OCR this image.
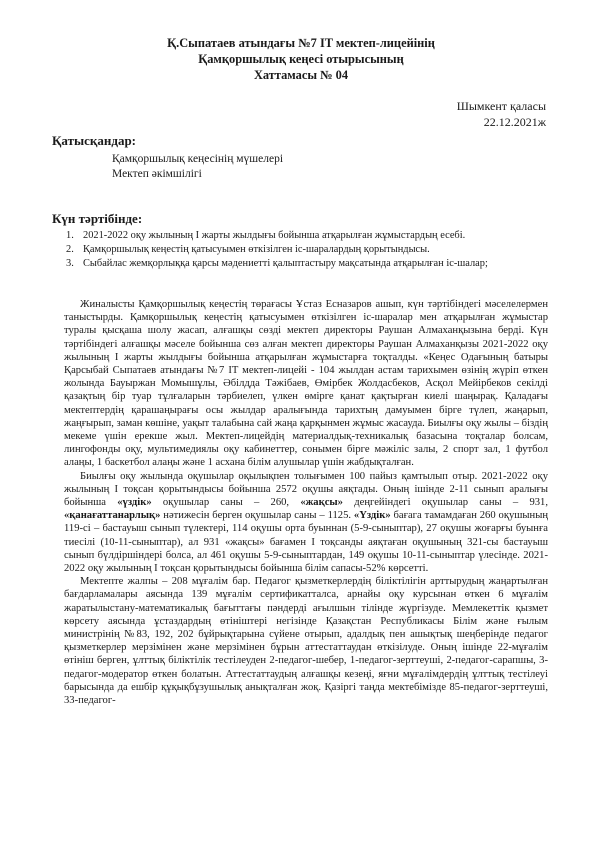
Қ.Сыпатаев атындағы №7 IT мектеп-лицейінің
Қамқоршылық кеңесі отырысының
Хаттамасы № 04
Шымкент қаласы
22.12.2021ж
Қатысқандар:
Қамқоршылық кеңесінің мүшелері
Мектеп әкімшілігі
Күн тәртібінде:
1. 2021-2022 оқу жылының I жарты жылдығы бойынша атқарылған жұмыстардың есебі.
2. Қамқоршылық кеңестің қатысуымен өткізілген іс-шаралардың қорытындысы.
3. Сыбайлас жемқорлыққа қарсы мәдениетті қалыптастыру мақсатында атқарылған іс-шалар;

Жиналысты Қамқоршылық кеңестің төрағасы Ұстаз Есназаров ашып, күн тәртібіндегі мәселелермен таныстырды. Қамқоршылық кеңестің қатысуымен өткізілген іс-шаралар мен атқарылған жұмыстар туралы қысқаша шолу жасап, алғашқы сөзді мектеп директоры Раушан Алмаханқызына берді. Күн тәртібіндегі алғашқы мәселе бойынша сөз алған мектеп директоры Раушан Алмаханқызы 2021-2022 оқу жылының I жарты жылдығы бойынша атқарылған жұмыстарға тоқталды. «Кеңес Одағының батыры Қарсыбай Сыпатаев атындағы №7 IT мектеп-лицейі - 104 жылдан астам тарихымен өзінің жүріп өткен жолында Бауыржан Момышұлы, Әбілдда Тәжібаев, Өмірбек Жолдасбеков, Асқол Мейірбеков секілді қазақтың бір туар тұлғаларын тәрбиелеп, үлкен өмірге қанат қақтырған киелі шаңырақ. Қаладағы мектептердің қарашаңырағы осы жылдар аралығында тарихтың дамуымен бірге түлеп, жаңарып, жаңғырып, заман көшіне, уақыт талабына сай жаңа қарқынмен жұмыс жасауда. Биылғы оқу жылы – біздің мекеме үшін ерекше жыл. Мектеп-лицейдің материалдық-техникалық базасына тоқталар болсам, лингофонды оқу, мультимедиялы оқу кабинеттер, сонымен бірге мәжіліс залы, 2 спорт зал, 1 футбол алаңы, 1 баскетбол алаңы және 1 асхана білім алушылар үшін жабдықталған.

Биылғы оқу жылында оқушылар оқылықпен толығымен 100 пайыз қамтылып отыр. 2021-2022 оқу жылының I тоқсан қорытындысы бойынша 2572 оқушы аяқтады. Оның ішінде 2-11 сынып аралығы бойынша «үздік» оқушылар саны – 260, «жақсы» деңгейіндегі оқушылар саны – 931, «қанағаттанарлық» нәтижесін берген оқушылар саны – 1125. «Үздік» бағага тамамдаған 260 оқушының 119-сі – бастауыш сынып түлектері, 114 оқушы орта буыннан (5-9-сыныптар), 27 оқушы жоғарғы буынға тиесілі (10-11-сыныптар), ал 931 «жақсы» бағамен I тоқсанды аяқтаған оқушының 321-сы бастауыш сынып бүлдіршіндері болса, ал 461 оқушы 5-9-сыныптардан, 149 оқушы 10-11-сыныптар үлесінде. 2021-2022 оқу жылының I тоқсан қорытындысы бойынша білім сапасы-52% көрсетті.

Мектепте жалпы – 208 мұғалім бар. Педагог қызметкерлердің біліктілігін арттырудың жаңартылған бағдарламалары аясында 139 мұғалім сертификатталса, арнайы оқу курсынан өткен 6 мұғалім жаратылыстану-математикалық бағыттағы пәндерді ағылшын тілінде жүргізуде. Мемлекеттік қызмет көрсету аясында ұстаздардың өтініштері негізінде Қазақстан Республикасы Білім және ғылым министрінің №83, 192, 202 бұйрықтарына сүйене отырып, адалдық пен ашықтық шеңберінде педагог қызметкерлер мерзімінен және мерзімінен бұрын аттестаттаудан өткізілуде. Оның ішінде 22-мұғалім өтініш берген, ұлттық біліктілік тестілеуден 2-педагог-шебер, 1-педагог-зерттеуші, 2-педагог-сарапшы, 3-педагог-модератор өткен болатын. Аттестаттаудың алғашқы кезеңі, яғни мұғалімдердің ұлттық тестілеуі барысында да ешбір құқықбұзушылық анықталған жоқ. Қазіргі таңда мектебімізде 85-педагог-зерттеуші, 33-педагог-
